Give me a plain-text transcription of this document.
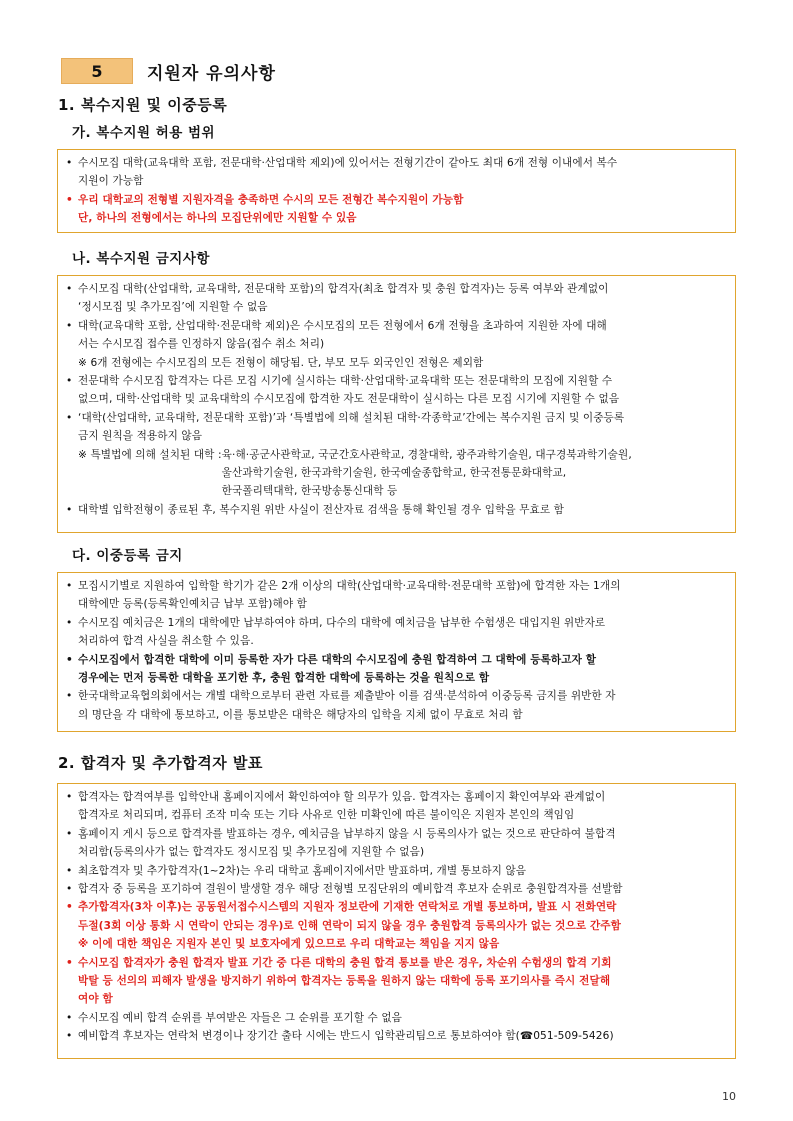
5	지원자 유의사항
1. 복수지원 및 이중등록
가. 복수지원 허용 범위
• 수시모집 대학(교육대학 포함, 전문대학·산업대학 제외)에 있어서는 전형기간이 같아도 최대 6개 전형 이내에서 복수
지원이 가능함
• 우리 대학교의 전형별 지원자격을 충족하면 수시의 모든 전형간 복수지원이 가능함
단, 하나의 전형에서는 하나의 모집단위에만 지원할 수 있음
나. 복수지원 금지사항
• 수시모집 대학(산업대학, 교육대학, 전문대학 포함)의 합격자(최초 합격자 및 충원 합격자)는 등록 여부와 관계없이
‘정시모집 및 추가모집’에 지원할 수 없음
• 대학(교육대학 포함, 산업대학·전문대학 제외)은 수시모집의 모든 전형에서 6개 전형을 초과하여 지원한 자에 대해
서는 수시모집 접수를 인정하지 않음(접수 취소 처리)
※ 6개 전형에는 수시모집의 모든 전형이 해당됨. 단, 부모 모두 외국인인 전형은 제외함
• 전문대학 수시모집 합격자는 다른 모집 시기에 실시하는 대학·산업대학·교육대학 또는 전문대학의 모집에 지원할 수
없으며, 대학·산업대학 및 교육대학의 수시모집에 합격한 자도 전문대학이 실시하는 다른 모집 시기에 지원할 수 없음
• ‘대학(산업대학, 교육대학, 전문대학 포함)’과 ‘특별법에 의해 설치된 대학·각종학교’간에는 복수지원 금지 및 이중등록
금지 원칙을 적용하지 않음
※ 특별법에 의해 설치된 대학 : 육·해·공군사관학교, 국군간호사관학교, 경찰대학, 광주과학기술원, 대구경북과학기술원,
울산과학기술원, 한국과학기술원, 한국예술종합학교, 한국전통문화대학교,
한국폴리텍대학, 한국방송통신대학 등
• 대학별 입학전형이 종료된 후, 복수지원 위반 사실이 전산자료 검색을 통해 확인될 경우 입학을 무효로 함
다. 이중등록 금지
• 모집시기별로 지원하여 입학할 학기가 같은 2개 이상의 대학(산업대학·교육대학·전문대학 포함)에 합격한 자는 1개의
대학에만 등록(등록확인예치금 납부 포함)해야 함
• 수시모집 예치금은 1개의 대학에만 납부하여야 하며, 다수의 대학에 예치금을 납부한 수험생은 대입지원 위반자로
처리하여 합격 사실을 취소할 수 있음.
• 수시모집에서 합격한 대학에 이미 등록한 자가 다른 대학의 수시모집에 충원 합격하여 그 대학에 등록하고자 할
경우에는 먼저 등록한 대학을 포기한 후, 충원 합격한 대학에 등록하는 것을 원칙으로 함
• 한국대학교육협의회에서는 개별 대학으로부터 관련 자료를 제출받아 이를 검색·분석하여 이중등록 금지를 위반한 자
의 명단을 각 대학에 통보하고, 이를 통보받은 대학은 해당자의 입학을 지체 없이 무효로 처리 함
2. 합격자 및 추가합격자 발표
• 합격자는 합격여부를 입학안내 홈페이지에서 확인하여야 할 의무가 있음. 합격자는 홈페이지 확인여부와 관계없이
합격자로 처리되며, 컴퓨터 조작 미숙 또는 기타 사유로 인한 미확인에 따른 불이익은 지원자 본인의 책임임
• 홈페이지 게시 등으로 합격자를 발표하는 경우, 예치금을 납부하지 않을 시 등록의사가 없는 것으로 판단하여 불합격
처리함(등록의사가 없는 합격자도 정시모집 및 추가모집에 지원할 수 없음)
• 최초합격자 및 추가합격자(1~2차)는 우리 대학교 홈페이지에서만 발표하며, 개별 통보하지 않음
• 합격자 중 등록을 포기하여 결원이 발생할 경우 해당 전형별 모집단위의 예비합격 후보자 순위로 충원합격자를 선발함
• 추가합격자(3차 이후)는 공동원서접수시스템의 지원자 정보란에 기재한 연락처로 개별 통보하며, 발표 시 전화연락
두절(3회 이상 통화 시 연락이 안되는 경우)로 인해 연락이 되지 않을 경우 충원합격 등록의사가 없는 것으로 간주함
※ 이에 대한 책임은 지원자 본인 및 보호자에게 있으므로 우리 대학교는 책임을 지지 않음
• 수시모집 합격자가 충원 합격자 발표 기간 중 다른 대학의 충원 합격 통보를 받은 경우, 차순위 수험생의 합격 기회
박탈 등 선의의 피해자 발생을 방지하기 위하여 합격자는 등록을 원하지 않는 대학에 등록 포기의사를 즉시 전달해
여야 함
• 수시모집 예비 합격 순위를 부여받은 자들은 그 순위를 포기할 수 없음
• 예비합격 후보자는 연락처 변경이나 장기간 출타 시에는 반드시 입학관리팀으로 통보하여야 함(☎051-509-5426)
10
